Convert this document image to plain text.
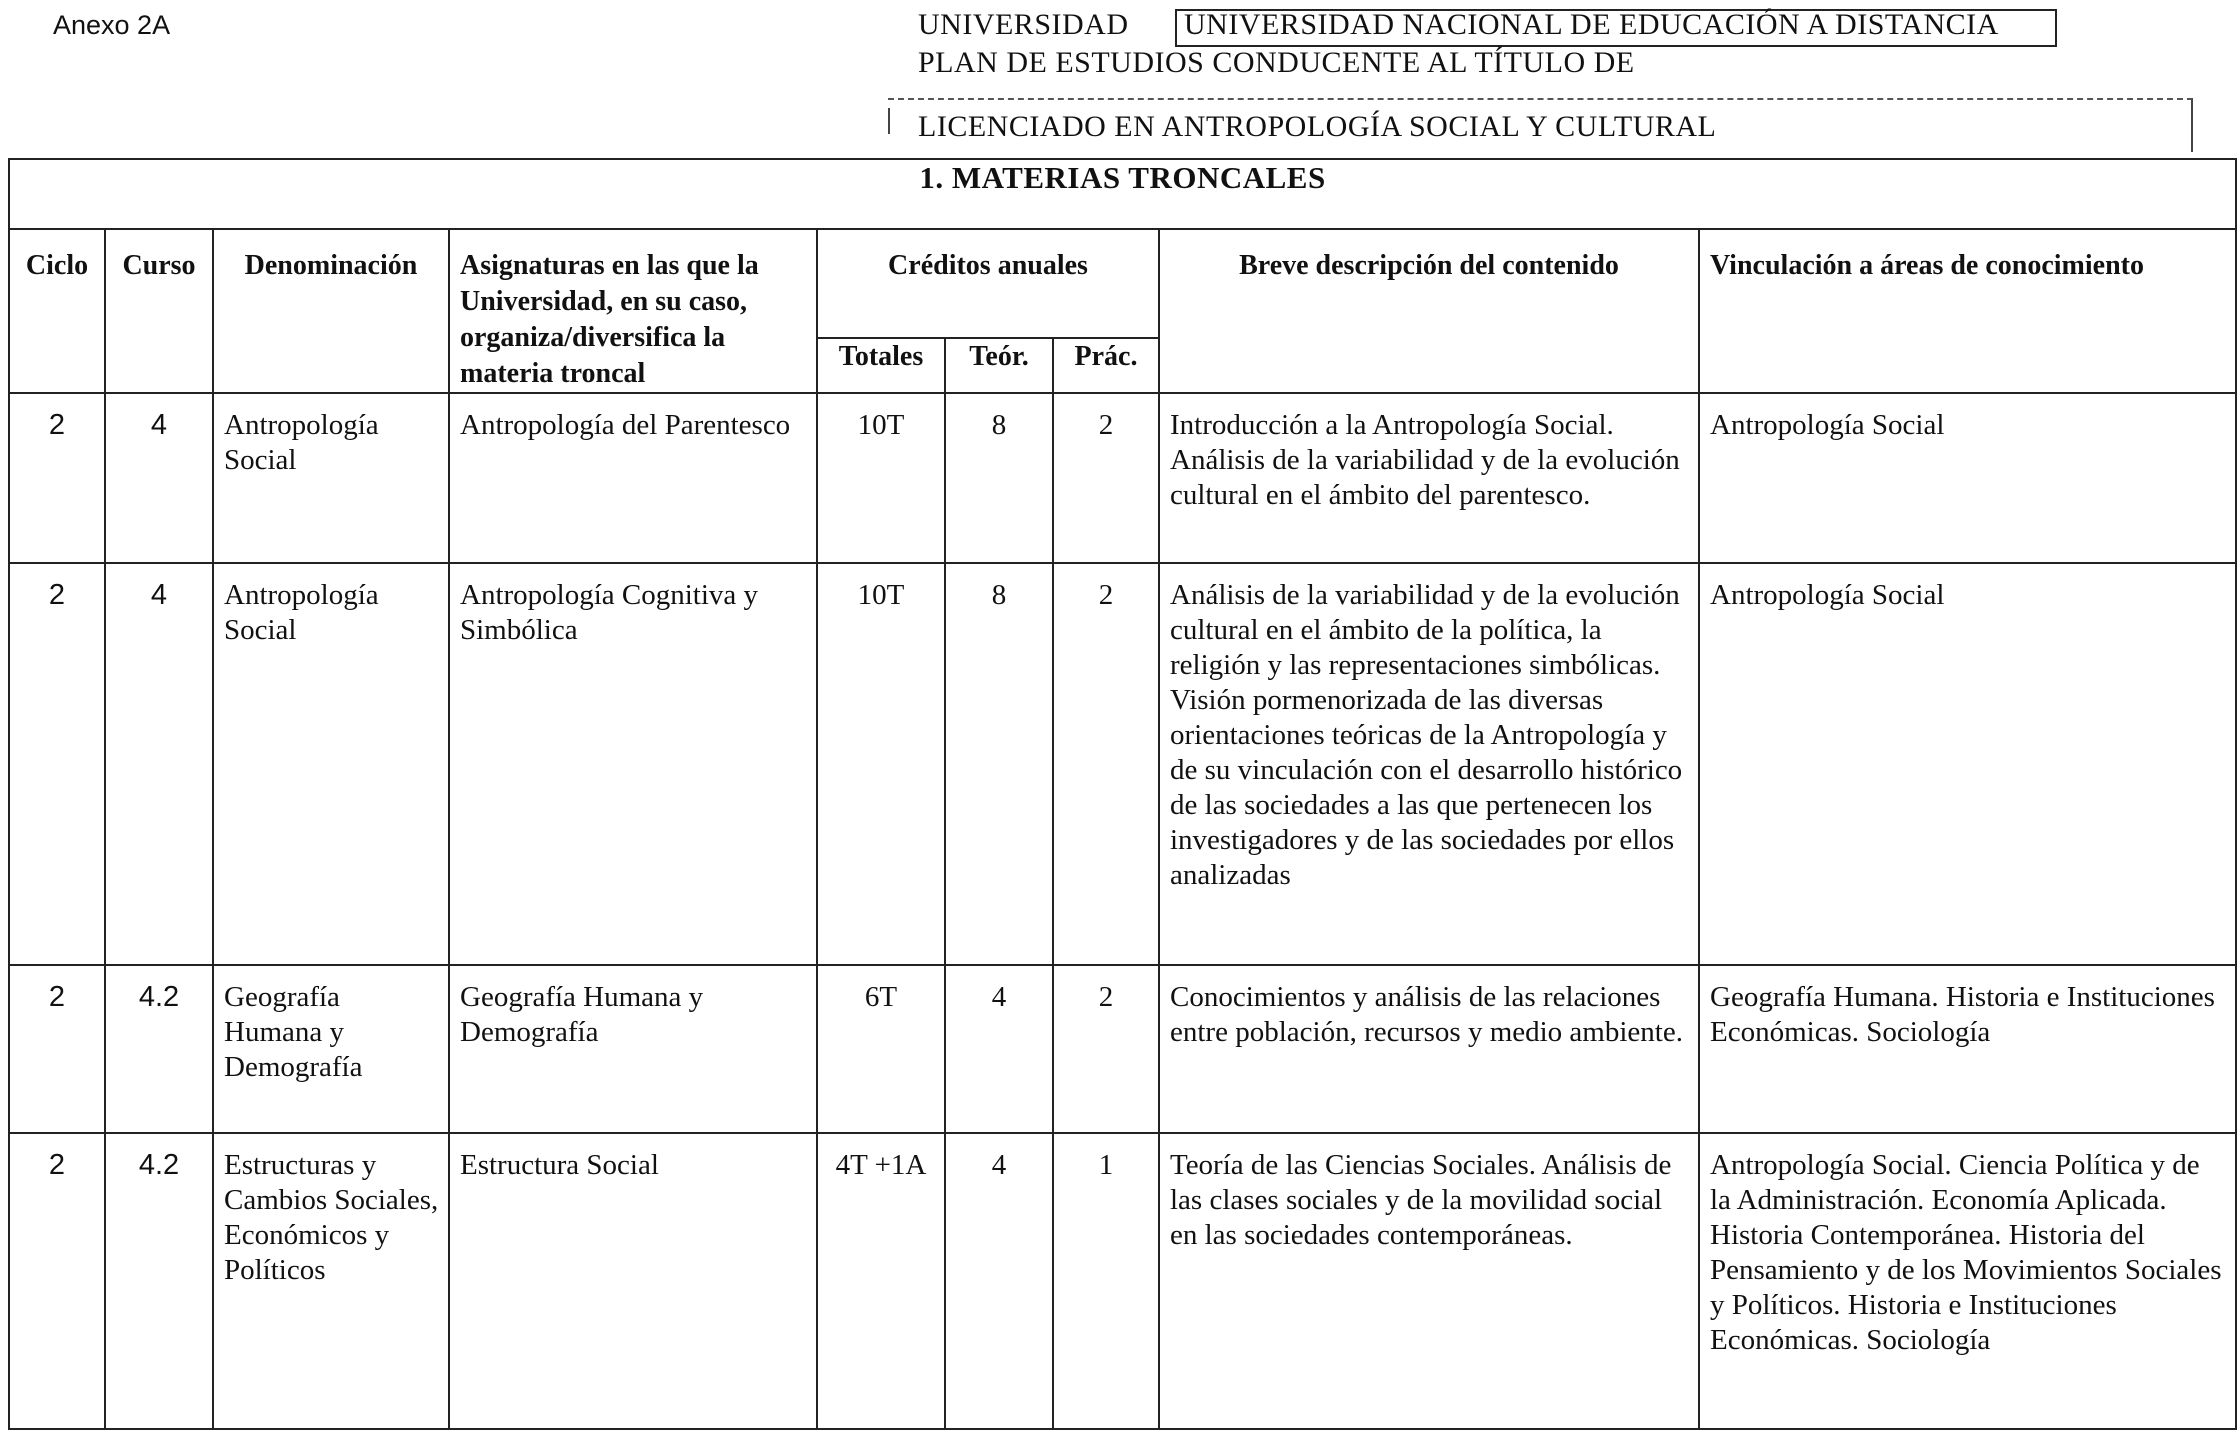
Anexo 2A	UNIVERSIDAD UNIVERSIDAD NACIONAL DE EDUCACIÓN A DISTANCIA
PLAN DE ESTUDIOS CONDUCENTE AL TÍTULO DE
LICENCIADO EN ANTROPOLOGÍA SOCIAL Y CULTURAL
1. MATERIAS TRONCALES								
Ciclo	Curso	Denominación	Asignaturas en las que la Universidad, en su caso, organiza/diversifica la materia troncal	Créditos anuales			Breve descripción del contenido	Vinculación a áreas de conocimiento
				Totales	Teór.	Prác.		
2	4	Antropología Social	Antropología del Parentesco	10T	8	2	Introducción a la Antropología Social. Análisis de la variabilidad y de la evolución cultural en el ámbito del parentesco.	Antropología Social
2	4	Antropología Social	Antropología Cognitiva y Simbólica	10T	8	2	Análisis de la variabilidad y de la evolución cultural en el ámbito de la política, la religión y las representaciones simbólicas. Visión pormenorizada de las diversas orientaciones teóricas de la Antropología y de su vinculación con el desarrollo histórico de las sociedades a las que pertenecen los investigadores y de las sociedades por ellos analizadas	Antropología Social
2	4.2	Geografía Humana y Demografía	Geografía Humana y Demografía	6T	4	2	Conocimientos y análisis de las relaciones entre población, recursos y medio ambiente.	Geografía Humana. Historia e Instituciones Económicas. Sociología
2	4.2	Estructuras y Cambios Sociales, Económicos y Políticos	Estructura Social	4T +1A	4	1	Teoría de las Ciencias Sociales. Análisis de las clases sociales y de la movilidad social en las sociedades contemporáneas.	Antropología Social. Ciencia Política y de la Administración. Economía Aplicada. Historia Contemporánea. Historia del Pensamiento y de los Movimientos Sociales y Políticos. Historia e Instituciones Económicas. Sociología
